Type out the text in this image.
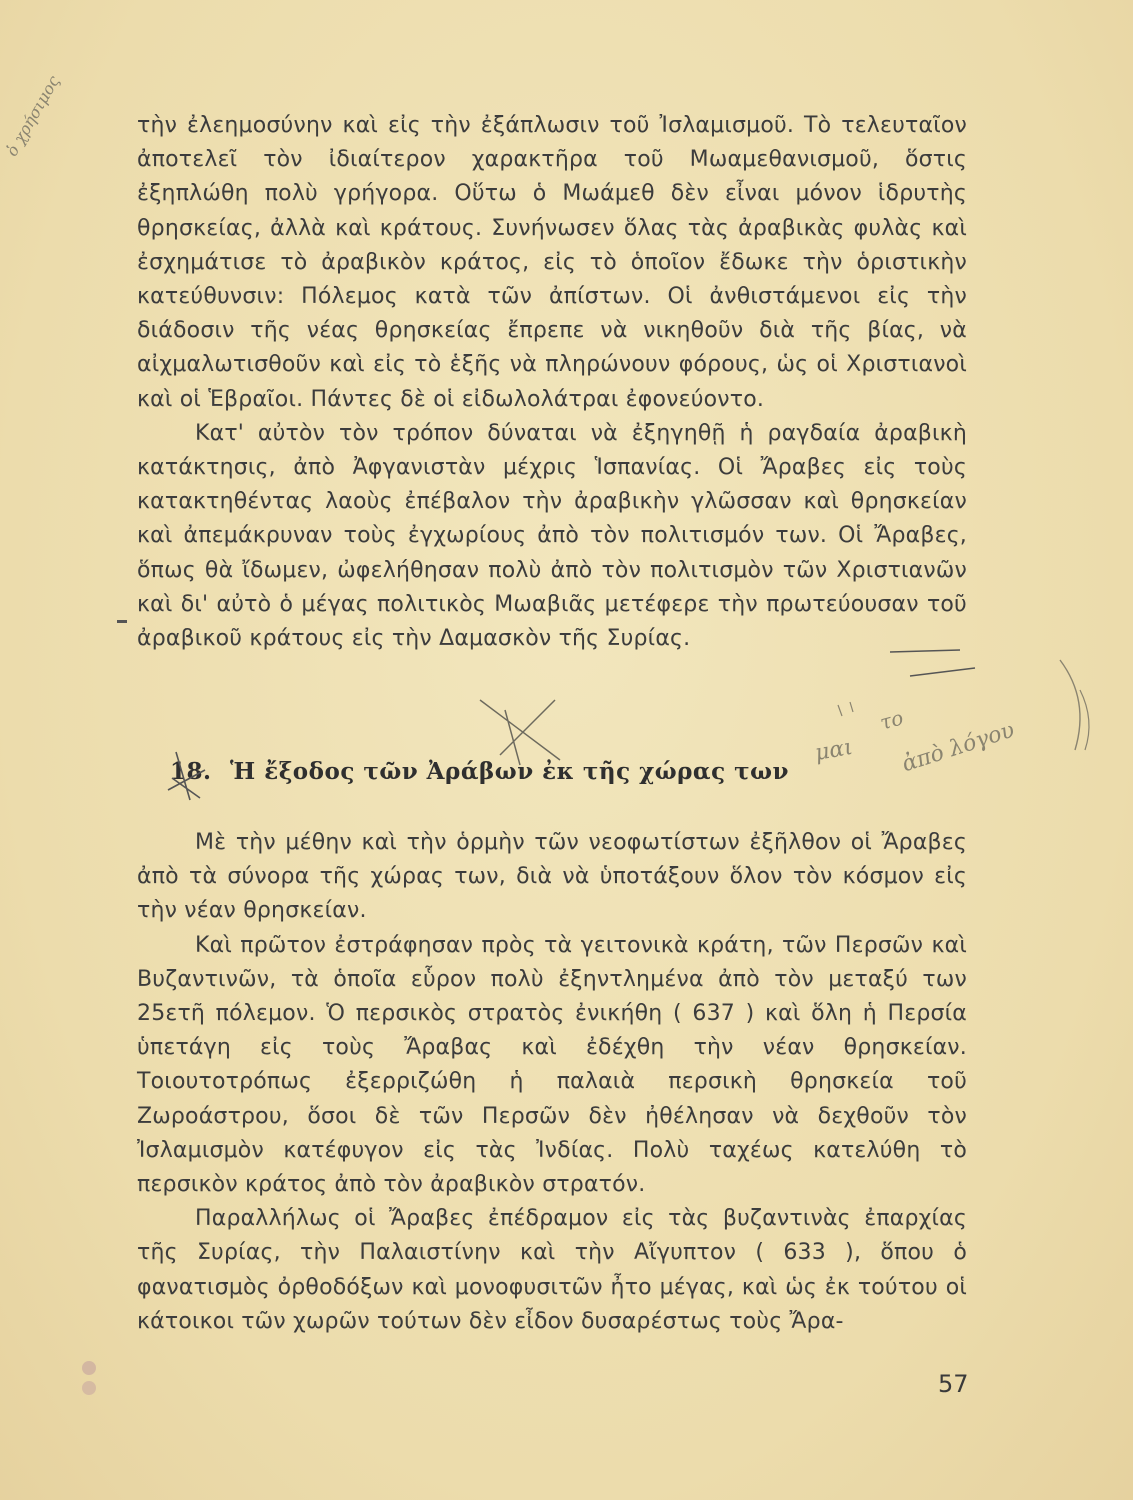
τὴν ἐλεημοσύνην καὶ εἰς τὴν ἐξάπλωσιν τοῦ Ἰσλαμισμοῦ. Τὸ τελευταῖον ἀποτελεῖ τὸν ἰδιαίτερον χαρακτῆρα τοῦ Μωαμεθανισμοῦ, ὅστις ἐξηπλώθη πολὺ γρήγορα. Οὕτω ὁ Μωάμεθ δὲν εἶναι μόνον ἱδρυτὴς θρησκείας, ἀλλὰ καὶ κράτους. Συνήνωσεν ὅλας τὰς ἀραβικὰς φυλὰς καὶ ἐσχημάτισε τὸ ἀραβικὸν κράτος, εἰς τὸ ὁποῖον ἔδωκε τὴν ὁριστικὴν κατεύθυνσιν: Πόλεμος κατὰ τῶν ἀπίστων. Οἱ ἀνθιστάμενοι εἰς τὴν διάδοσιν τῆς νέας θρησκείας ἔπρεπε νὰ νικηθοῦν διὰ τῆς βίας, νὰ αἰχμαλωτισθοῦν καὶ εἰς τὸ ἑξῆς νὰ πληρώνουν φόρους, ὡς οἱ Χριστιανοὶ καὶ οἱ Ἑβραῖοι. Πάντες δὲ οἱ εἰδωλολάτραι ἐφονεύοντο.

Κατ' αὐτὸν τὸν τρόπον δύναται νὰ ἐξηγηθῇ ἡ ραγδαία ἀραβικὴ κατάκτησις, ἀπὸ Ἀφγανιστὰν μέχρις Ἱσπανίας. Οἱ Ἄραβες εἰς τοὺς κατακτηθέντας λαοὺς ἐπέβαλον τὴν ἀραβικὴν γλῶσσαν καὶ θρησκείαν καὶ ἀπεμάκρυναν τοὺς ἐγχωρίους ἀπὸ τὸν πολιτισμόν των. Οἱ Ἄραβες, ὅπως θὰ ἴδωμεν, ὠφελήθησαν πολὺ ἀπὸ τὸν πολιτισμὸν τῶν Χριστιανῶν καὶ δι' αὐτὸ ὁ μέγας πολιτικὸς Μωαβιᾶς μετέφερε τὴν πρωτεύουσαν τοῦ ἀραβικοῦ κράτους εἰς τὴν Δαμασκὸν τῆς Συρίας.

18. Ἡ ἔξοδος τῶν Ἀράβων ἐκ τῆς χώρας των

Μὲ τὴν μέθην καὶ τὴν ὁρμὴν τῶν νεοφωτίστων ἐξῆλθον οἱ Ἄραβες ἀπὸ τὰ σύνορα τῆς χώρας των, διὰ νὰ ὑποτάξουν ὅλον τὸν κόσμον εἰς τὴν νέαν θρησκείαν.

Καὶ πρῶτον ἐστράφησαν πρὸς τὰ γειτονικὰ κράτη, τῶν Περσῶν καὶ Βυζαντινῶν, τὰ ὁποῖα εὗρον πολὺ ἐξηντλημένα ἀπὸ τὸν μεταξύ των 25ετῆ πόλεμον. Ὁ περσικὸς στρατὸς ἐνικήθη ( 637 ) καὶ ὅλη ἡ Περσία ὑπετάγη εἰς τοὺς Ἄραβας καὶ ἐδέχθη τὴν νέαν θρησκείαν. Τοιουτοτρόπως ἐξερριζώθη ἡ παλαιὰ περσικὴ θρησκεία τοῦ Ζωροάστρου, ὅσοι δὲ τῶν Περσῶν δὲν ἠθέλησαν νὰ δεχθοῦν τὸν Ἰσλαμισμὸν κατέφυγον εἰς τὰς Ἰνδίας. Πολὺ ταχέως κατελύθη τὸ περσικὸν κράτος ἀπὸ τὸν ἀραβικὸν στρατόν.

Παραλλήλως οἱ Ἄραβες ἐπέδραμον εἰς τὰς βυζαντινὰς ἐπαρχίας τῆς Συρίας, τὴν Παλαιστίνην καὶ τὴν Αἴγυπτον ( 633 ), ὅπου ὁ φανατισμὸς ὀρθοδόξων καὶ μονοφυσιτῶν ἦτο μέγας, καὶ ὡς ἐκ τούτου οἱ κάτοικοι τῶν χωρῶν τούτων δὲν εἶδον δυσαρέστως τοὺς Ἄρα-

57
ὁ χρήσιμος
μαι
το
ἀπὸ λόγου
